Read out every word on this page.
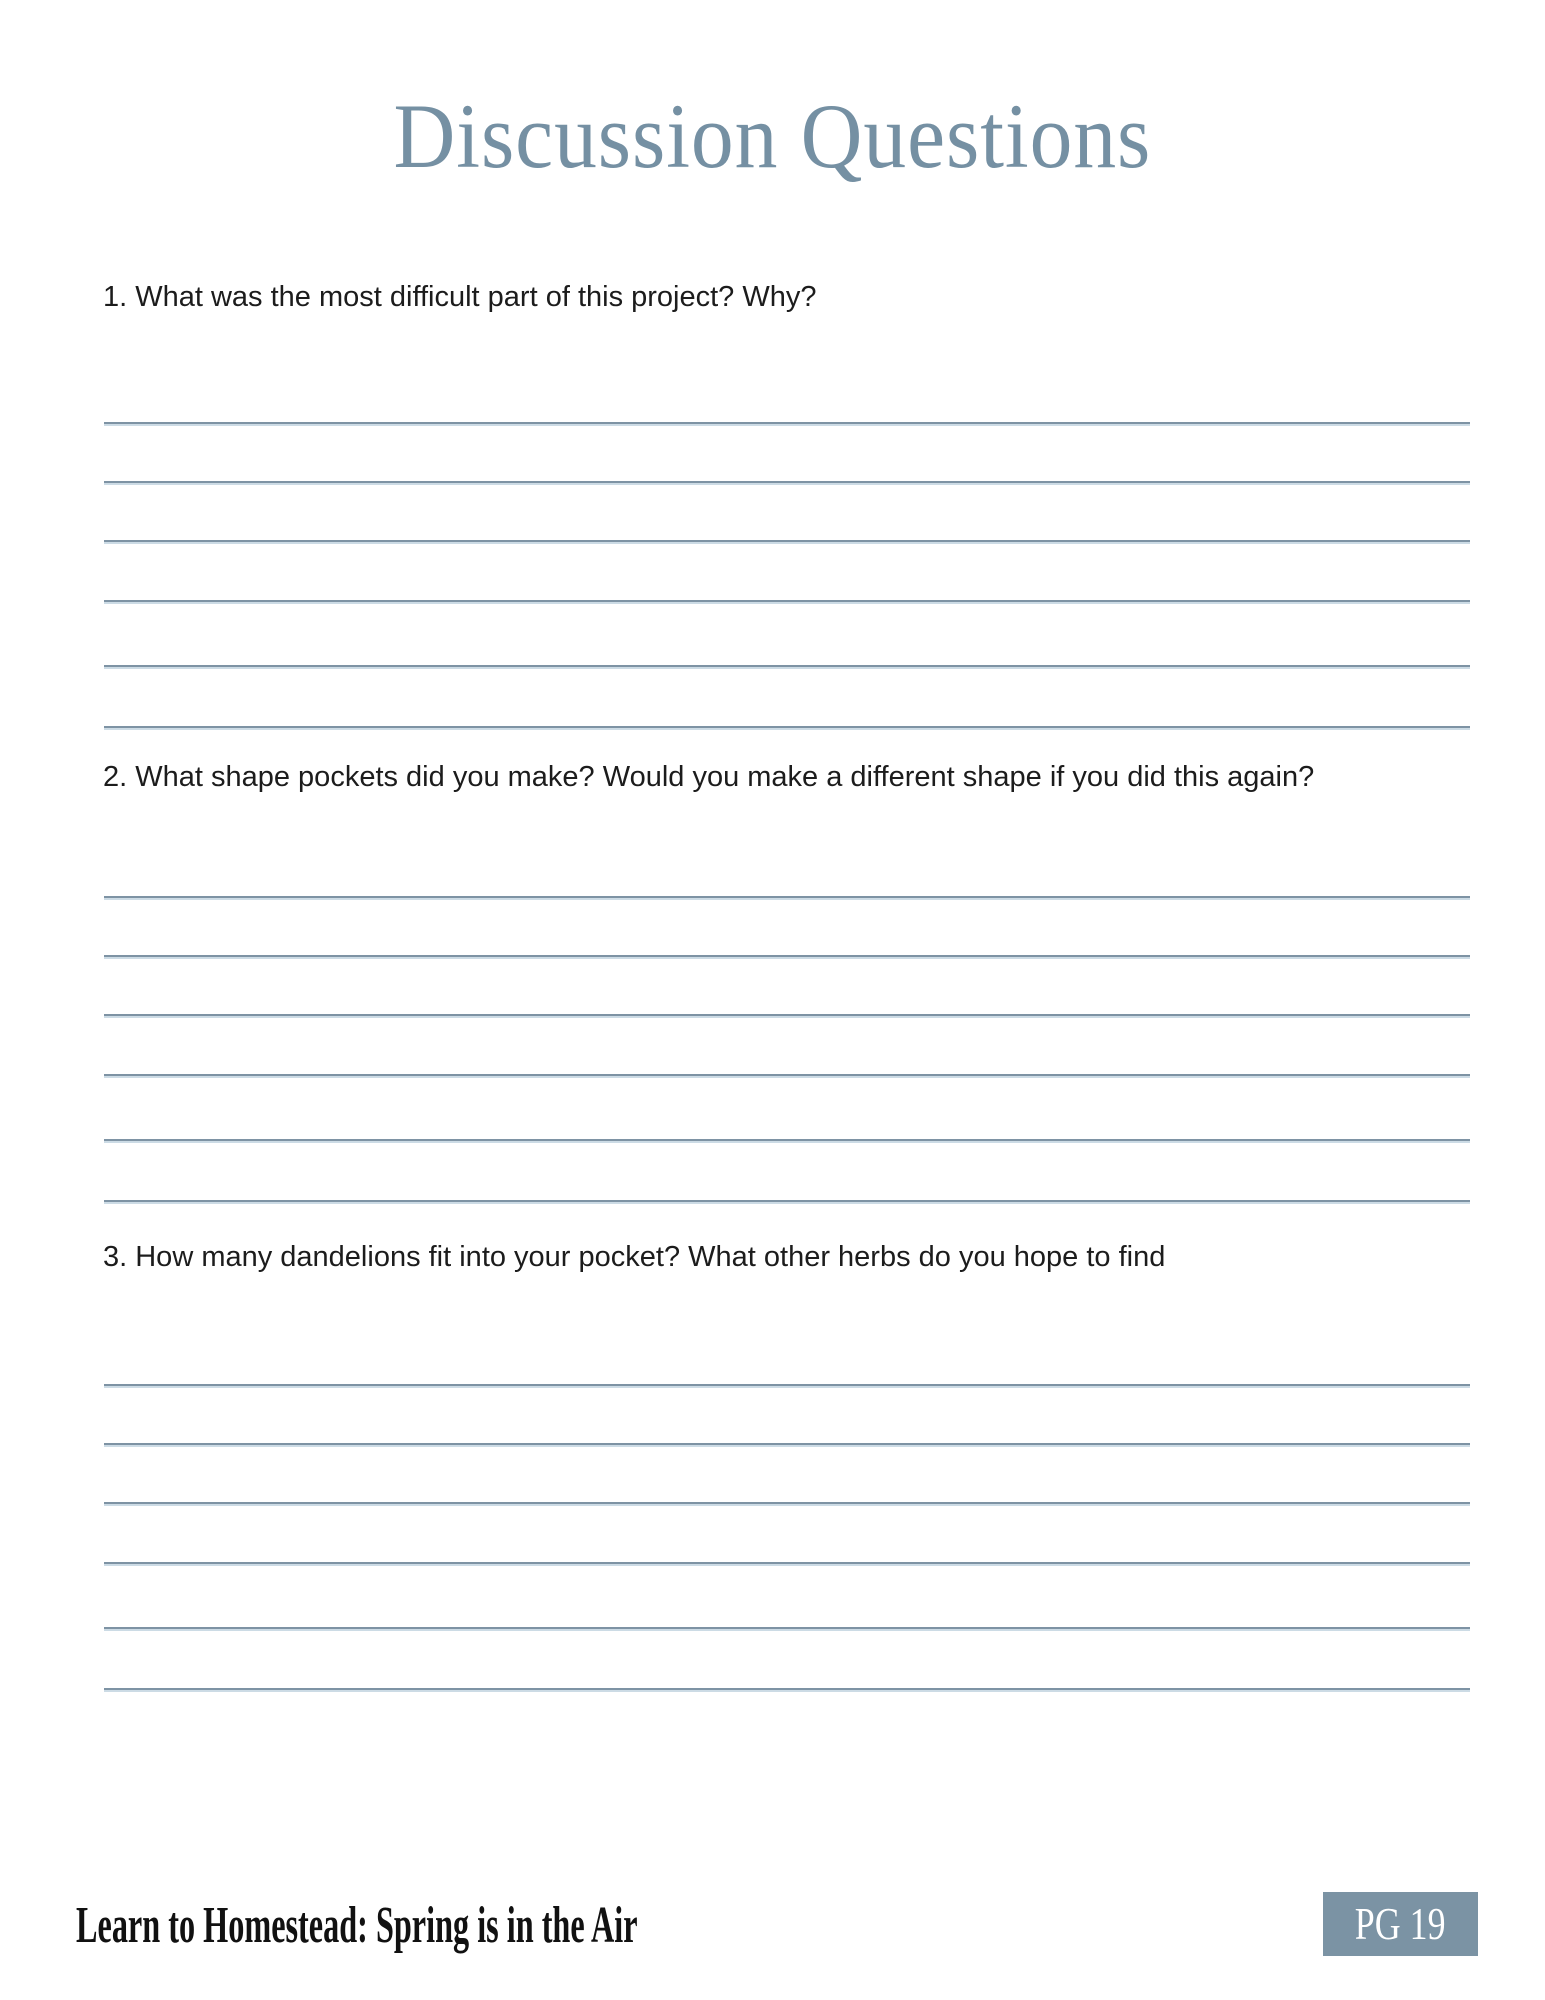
Discussion Questions
1. What was the most difficult part of this project? Why?
2. What shape pockets did you make? Would you make a different shape if you did this again?
3. How many dandelions fit into your pocket? What other herbs do you hope to find
Learn to Homestead: Spring is in the Air	PG 19
